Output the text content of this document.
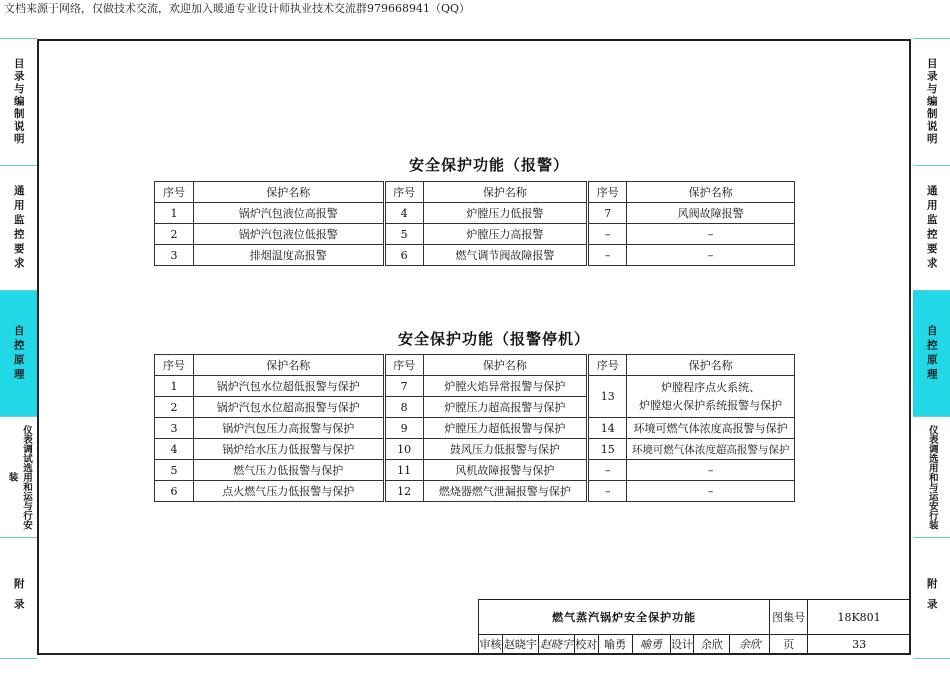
文档来源于网络，仅做技术交流，欢迎加入暖通专业设计师执业技术交流群979668941（QQ）
目录与编制说明
通用监控要求
自控原理
仪表调试选用和运与行安装
附录
目录与编制说明
通用监控要求
自控原理
仪表调选用和与运安行装
附录
安全保护功能（报警）
序号	保护名称	序号	保护名称	序号	保护名称
1	锅炉汽包液位高报警	4	炉膛压力低报警	7	风阀故障报警
2	锅炉汽包液位低报警	5	炉膛压力高报警	–	–
3	排烟温度高报警	6	燃气调节阀故障报警	–	–
安全保护功能（报警停机）
序号	保护名称	序号	保护名称	序号	保护名称
1	锅炉汽包水位超低报警与保护	7	炉膛火焰异常报警与保护	13	炉膛程序点火系统、
炉膛熄火保护系统报警与保护

2	锅炉汽包水位超高报警与保护	8	炉膛压力超高报警与保护		
3	锅炉汽包压力高报警与保护	9	炉膛压力超低报警与保护	14	环境可燃气体浓度高报警与保护
4	锅炉给水压力低报警与保护	10	鼓风压力低报警与保护	15	环境可燃气体浓度超高报警与保护
5	燃气压力低报警与保护	11	风机故障报警与保护	–	–
6	点火燃气压力低报警与保护	12	燃烧器燃气泄漏报警与保护	–	–
燃气蒸汽锅炉安全保护功能									图集号	18K801
审核	赵晓宇	赵晓宇	校对	喻勇	喻勇	设计	余欣	余欣	页	33
